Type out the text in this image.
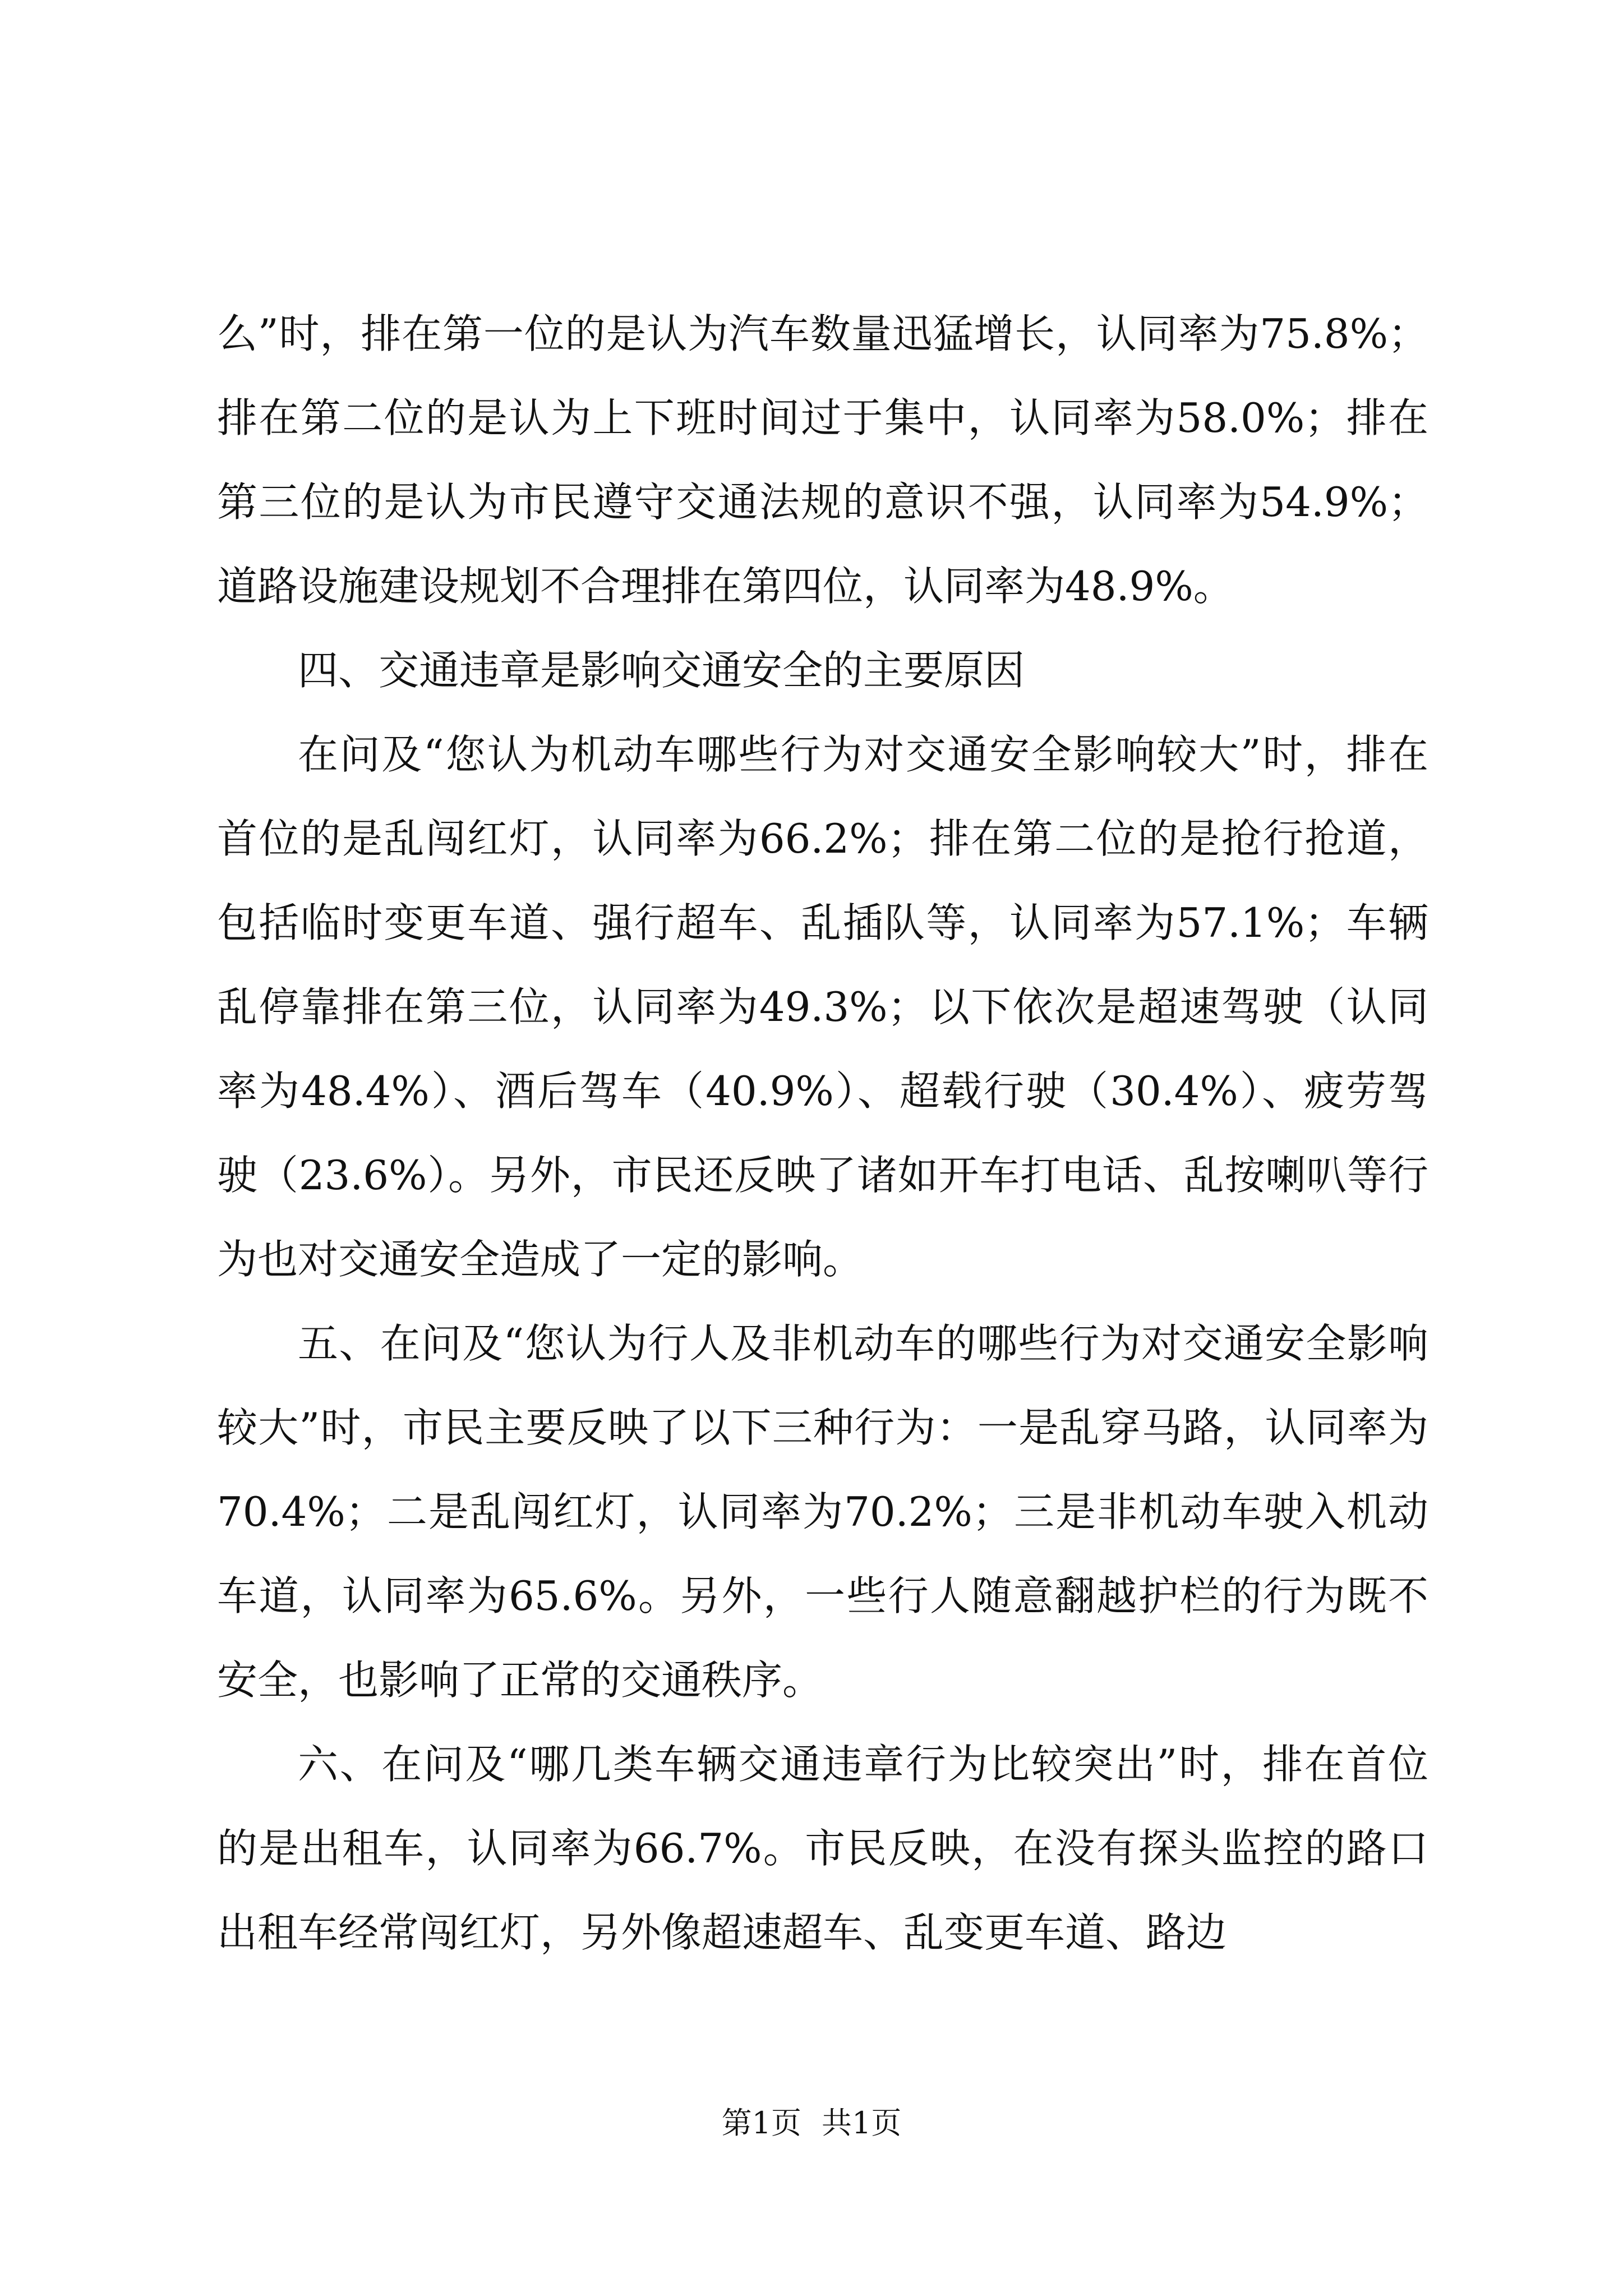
么”时，排在第一位的是认为汽车数量迅猛增长，认同率为75.8%；排在第二位的是认为上下班时间过于集中，认同率为58.0%；排在第三位的是认为市民遵守交通法规的意识不强，认同率为54.9%；道路设施建设规划不合理排在第四位，认同率为48.9%。

四、交通违章是影响交通安全的主要原因

在问及“您认为机动车哪些行为对交通安全影响较大”时，排在首位的是乱闯红灯，认同率为66.2%；排在第二位的是抢行抢道，包括临时变更车道、强行超车、乱插队等，认同率为57.1%；车辆乱停靠排在第三位，认同率为49.3%；以下依次是超速驾驶（认同率为48.4%）、酒后驾车（40.9%）、超载行驶（30.4%）、疲劳驾驶（23.6%）。另外，市民还反映了诸如开车打电话、乱按喇叭等行为也对交通安全造成了一定的影响。

五、在问及“您认为行人及非机动车的哪些行为对交通安全影响较大”时，市民主要反映了以下三种行为：一是乱穿马路，认同率为70.4%；二是乱闯红灯，认同率为70.2%；三是非机动车驶入机动车道，认同率为65.6%。另外，一些行人随意翻越护栏的行为既不安全，也影响了正常的交通秩序。

六、在问及“哪几类车辆交通违章行为比较突出”时，排在首位的是出租车，认同率为66.7%。市民反映，在没有探头监控的路口出租车经常闯红灯，另外像超速超车、乱变更车道、路边

第1页 共1页
